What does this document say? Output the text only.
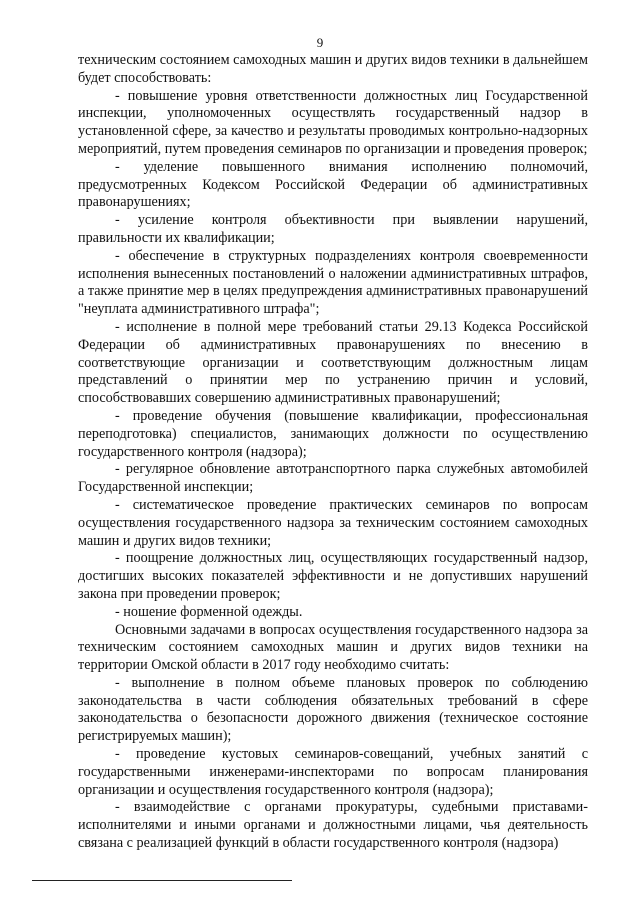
9

техническим состоянием самоходных машин и других видов техники в дальнейшем будет способствовать:

- повышение уровня ответственности должностных лиц Государственной инспекции, уполномоченных осуществлять государственный надзор в установленной сфере, за качество и результаты проводимых контрольно-надзорных мероприятий, путем проведения семинаров по организации и проведения проверок;

- уделение повышенного внимания исполнению полномочий, предусмотренных Кодексом Российской Федерации об административных правонарушениях;

- усиление контроля объективности при выявлении нарушений, правильности их квалификации;

- обеспечение в структурных подразделениях контроля своевременности исполнения вынесенных постановлений о наложении административных штрафов, а также принятие мер в целях предупреждения административных правонарушений "неуплата административного штрафа";

- исполнение в полной мере требований статьи 29.13 Кодекса Российской Федерации об административных правонарушениях по внесению в соответствующие организации и соответствующим должностным лицам представлений о принятии мер по устранению причин и условий, способствовавших совершению административных правонарушений;

- проведение обучения (повышение квалификации, профессиональная переподготовка) специалистов, занимающих должности по осуществлению государственного контроля (надзора);

- регулярное обновление автотранспортного парка служебных автомобилей Государственной инспекции;

- систематическое проведение практических семинаров по вопросам осуществления государственного надзора за техническим состоянием самоходных машин и других видов техники;

- поощрение должностных лиц, осуществляющих государственный надзор, достигших высоких показателей эффективности и не допустивших нарушений закона при проведении проверок;

- ношение форменной одежды.

Основными задачами в вопросах осуществления государственного надзора за техническим состоянием самоходных машин и других видов техники на территории Омской области в 2017 году необходимо считать:

- выполнение в полном объеме плановых проверок по соблюдению законодательства в части соблюдения обязательных требований в сфере законодательства о безопасности дорожного движения (техническое состояние регистрируемых машин);

- проведение кустовых семинаров-совещаний, учебных занятий с государственными инженерами-инспекторами по вопросам планирования организации и осуществления государственного контроля (надзора);

- взаимодействие с органами прокуратуры, судебными приставами-исполнителями и иными органами и должностными лицами, чья деятельность связана с реализацией функций в области государственного контроля (надзора)
